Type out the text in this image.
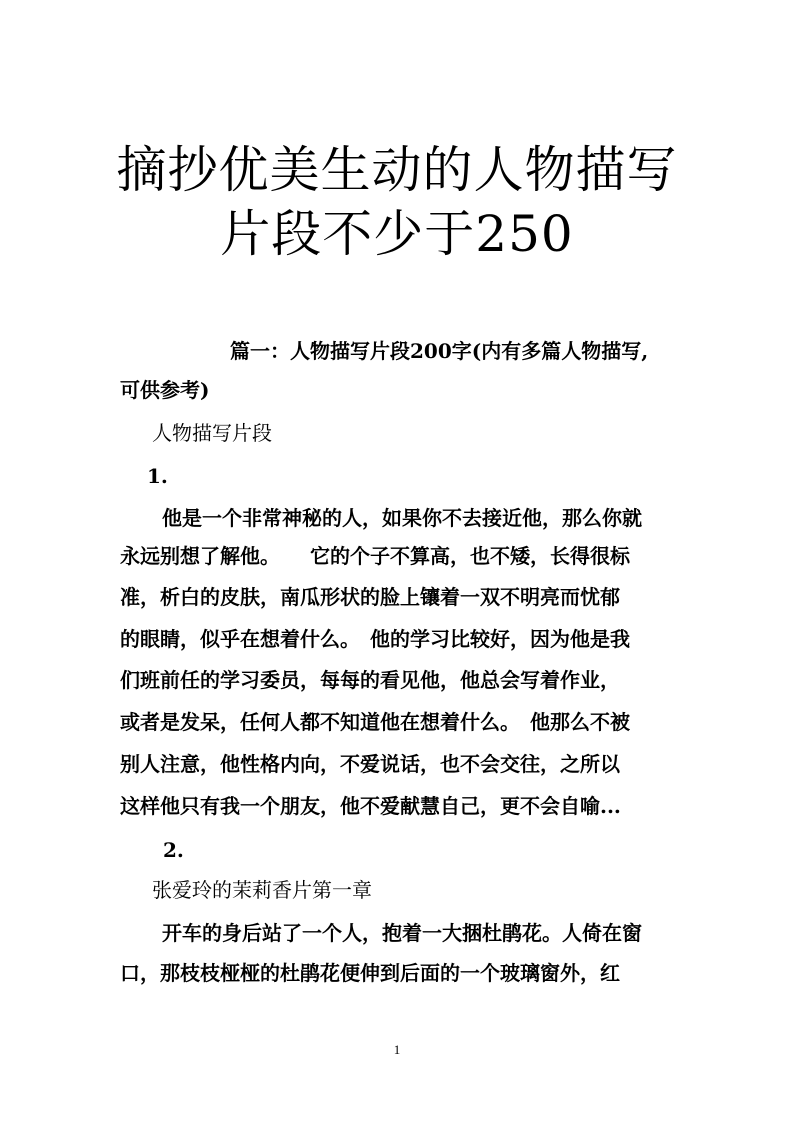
摘抄优美生动的人物描写
片段不少于250
篇一：人物描写片段200字(内有多篇人物描写,
可供参考)
人物描写片段
1.
他是一个非常神秘的人，如果你不去接近他，那么你就
永远别想了解他。　　它的个子不算高，也不矮，长得很标
准，析白的皮肤，南瓜形状的脸上镶着一双不明亮而忧郁
的眼睛，似乎在想着什么。　他的学习比较好，因为他是我
们班前任的学习委员，每每的看见他，他总会写着作业，
或者是发呆，任何人都不知道他在想着什么。　他那么不被
别人注意，他性格内向，不爱说话，也不会交往，之所以
这样他只有我一个朋友，他不爱献慧自己，更不会自喻...
2.
张爱玲的茉莉香片第一章
开车的身后站了一个人，抱着一大捆杜鹃花。人倚在窗
口，那枝枝桠桠的杜鹃花便伸到后面的一个玻璃窗外，红
1
